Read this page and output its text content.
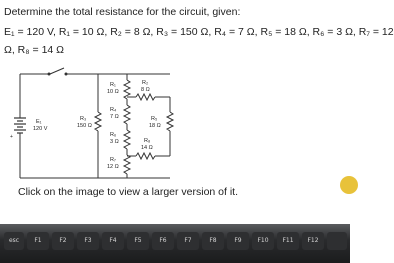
Determine the total resistance for the circuit, given:
E₁ = 120 V, R₁ = 10 Ω, R₂ = 8 Ω, R₃ = 150 Ω, R₄ = 7 Ω, R₅ = 18 Ω, R₆ = 3 Ω, R₇ = 12
Ω, R₈ = 14 Ω
+
E₁
120 V
R₃
150 Ω
R₁
10 Ω
R₄
7 Ω
R₆
3 Ω
R₇
12 Ω
R₂
8 Ω
R₅
18 Ω
R₈
14 Ω
Click on the image to view a larger version of it.
esc	F1	F2	F3	F4	F5	F6	F7	F8	F9	F10	F11	F12
